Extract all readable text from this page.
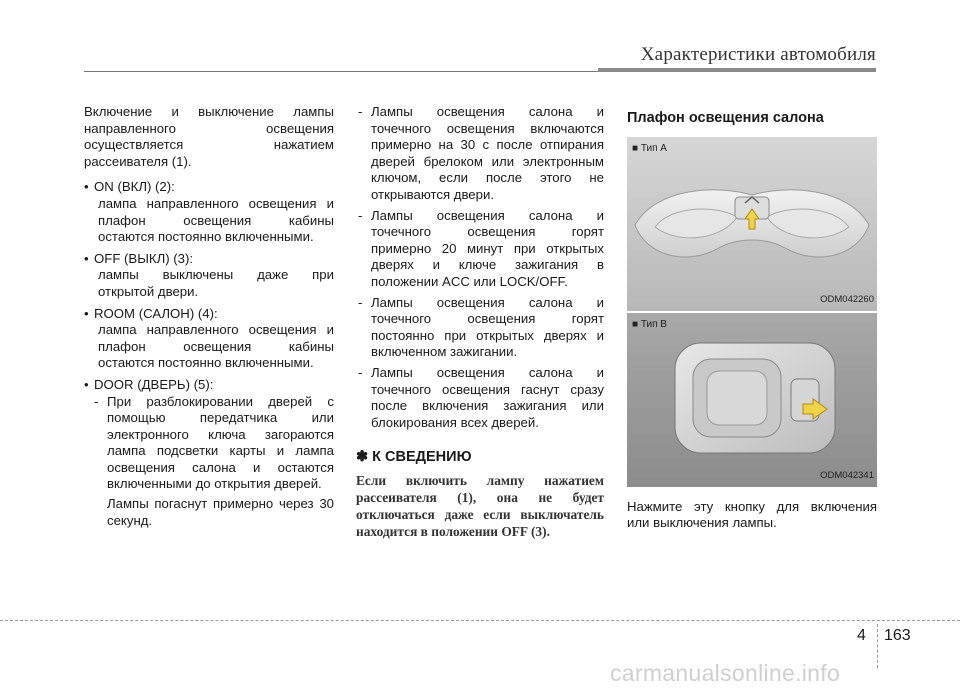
Характеристики автомобиля

Включение и выключение лампы

направленного освещения

осуществляется нажатием

рассеивателя (1).

• ON (ВКЛ) (2):

лампа направленного освещения и

плафон освещения кабины

остаются постоянно включенными.

• OFF (ВЫКЛ) (3):

лампы выключены даже при

открытой двери.

• ROOM (САЛОН) (4):

лампа направленного освещения и

плафон освещения кабины

остаются постоянно включенными.

• DOOR (ДВЕРЬ) (5):

- При разблокировании дверей с

помощью передатчика или

электронного ключа загораются

лампа подсветки карты и лампа

освещения салона и остаются

включенными до открытия дверей.

Лампы погаснут примерно через 30

секунд.

- Лампы освещения салона и

точечного освещения включаются

примерно на 30 с после отпирания

дверей брелоком или электронным

ключом, если после этого не

открываются двери.

- Лампы освещения салона и

точечного освещения горят

примерно 20 минут при открытых

дверях и ключе зажигания в

положении ACC или LOCK/OFF.

- Лампы освещения салона и

точечного освещения горят

постоянно при открытых дверях и

включенном зажигании.

- Лампы освещения салона и

точечного освещения гаснут сразу

после включения зажигания или

блокирования всех дверей.

✽ К СВЕДЕНИЮ

Если включить лампу нажатием

рассеивателя (1), она не будет

отключаться даже если выключатель

находится в положении OFF (3).

Плафон освещения салона
■ Тип A
ODM042260
■ Тип B
ODM042341

Нажмите эту кнопку для включения

или выключения лампы.

4 163
carmanualsonline.info
